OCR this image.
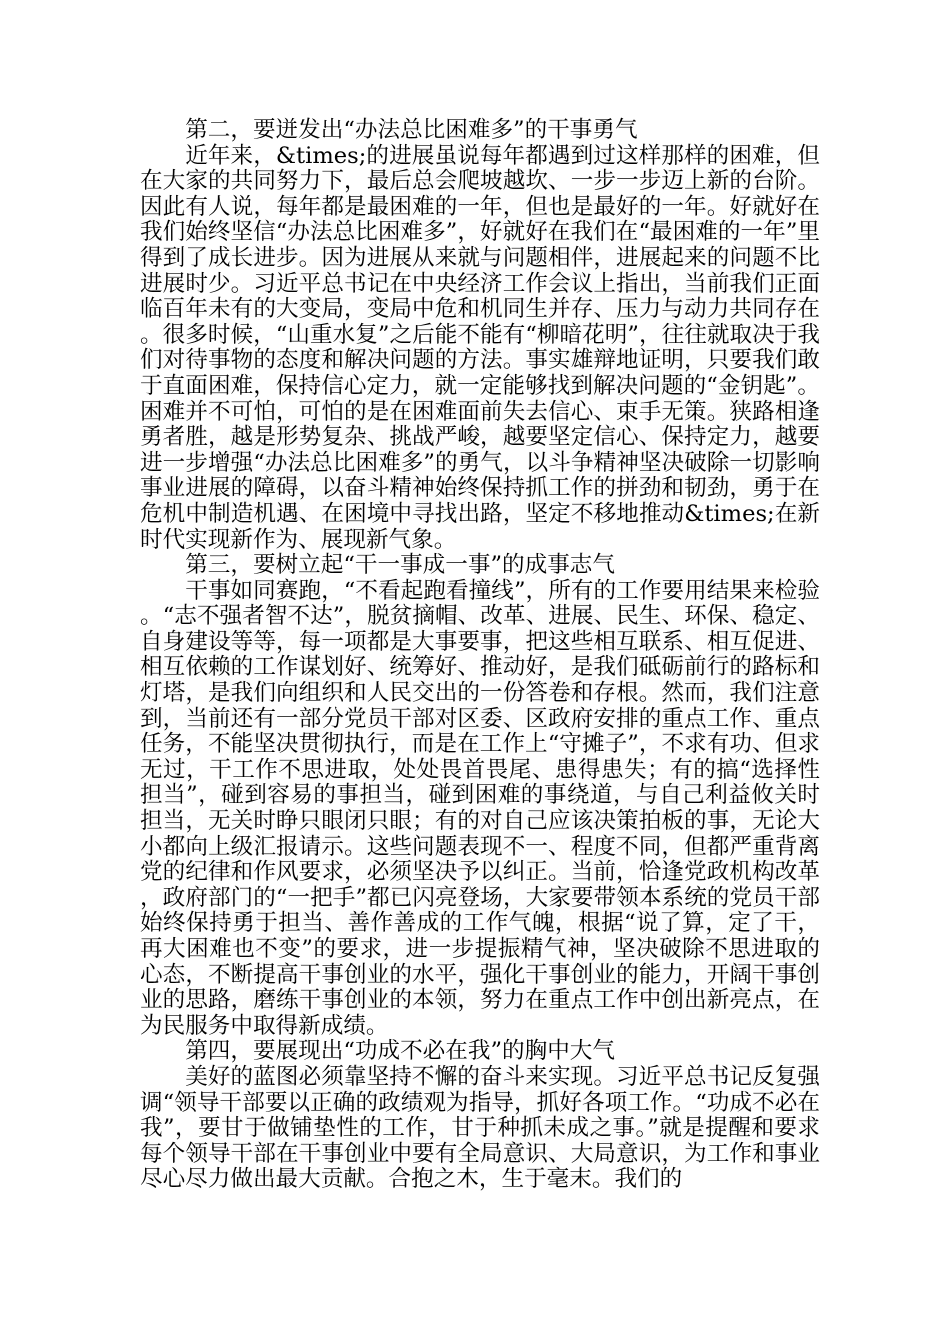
第二，要迸发出“办法总比困难多”的干事勇气

近年来，&times;的进展虽说每年都遇到过这样那样的困难，但在大家的共同努力下，最后总会爬坡越坎、一步一步迈上新的台阶。因此有人说，每年都是最困难的一年，但也是最好的一年。好就好在我们始终坚信“办法总比困难多”，好就好在我们在“最困难的一年”里得到了成长进步。因为进展从来就与问题相伴，进展起来的问题不比进展时少。习近平总书记在中央经济工作会议上指出，当前我们正面临百年未有的大变局，变局中危和机同生并存、压力与动力共同存在。很多时候，“山重水复”之后能不能有“柳暗花明”，往往就取决于我们对待事物的态度和解决问题的方法。事实雄辩地证明，只要我们敢于直面困难，保持信心定力，就一定能够找到解决问题的“金钥匙”。困难并不可怕，可怕的是在困难面前失去信心、束手无策。狭路相逢勇者胜，越是形势复杂、挑战严峻，越要坚定信心、保持定力，越要进一步增强“办法总比困难多”的勇气，以斗争精神坚决破除一切影响事业进展的障碍，以奋斗精神始终保持抓工作的拼劲和韧劲，勇于在危机中制造机遇、在困境中寻找出路，坚定不移地推动&times;在新时代实现新作为、展现新气象。

第三，要树立起“干一事成一事”的成事志气

干事如同赛跑，“不看起跑看撞线”，所有的工作要用结果来检验。“志不强者智不达”，脱贫摘帽、改革、进展、民生、环保、稳定、自身建设等等，每一项都是大事要事，把这些相互联系、相互促进、相互依赖的工作谋划好、统筹好、推动好，是我们砥砺前行的路标和灯塔，是我们向组织和人民交出的一份答卷和存根。然而，我们注意到，当前还有一部分党员干部对区委、区政府安排的重点工作、重点任务，不能坚决贯彻执行，而是在工作上“守摊子”，不求有功、但求无过，干工作不思进取，处处畏首畏尾、患得患失；有的搞“选择性担当”，碰到容易的事担当，碰到困难的事绕道，与自己利益攸关时担当，无关时睁只眼闭只眼；有的对自己应该决策拍板的事，无论大小都向上级汇报请示。这些问题表现不一、程度不同，但都严重背离党的纪律和作风要求，必须坚决予以纠正。当前，恰逢党政机构改革，政府部门的“一把手”都已闪亮登场，大家要带领本系统的党员干部始终保持勇于担当、善作善成的工作气魄，根据“说了算，定了干，再大困难也不变”的要求，进一步提振精气神，坚决破除不思进取的心态，不断提高干事创业的水平，强化干事创业的能力，开阔干事创业的思路，磨练干事创业的本领，努力在重点工作中创出新亮点，在为民服务中取得新成绩。

第四，要展现出“功成不必在我”的胸中大气

美好的蓝图必须靠坚持不懈的奋斗来实现。习近平总书记反复强调“领导干部要以正确的政绩观为指导，抓好各项工作。“功成不必在我”，要甘于做铺垫性的工作，甘于种抓未成之事。”就是提醒和要求每个领导干部在干事创业中要有全局意识、大局意识，为工作和事业尽心尽力做出最大贡献。合抱之木，生于毫末。我们的
